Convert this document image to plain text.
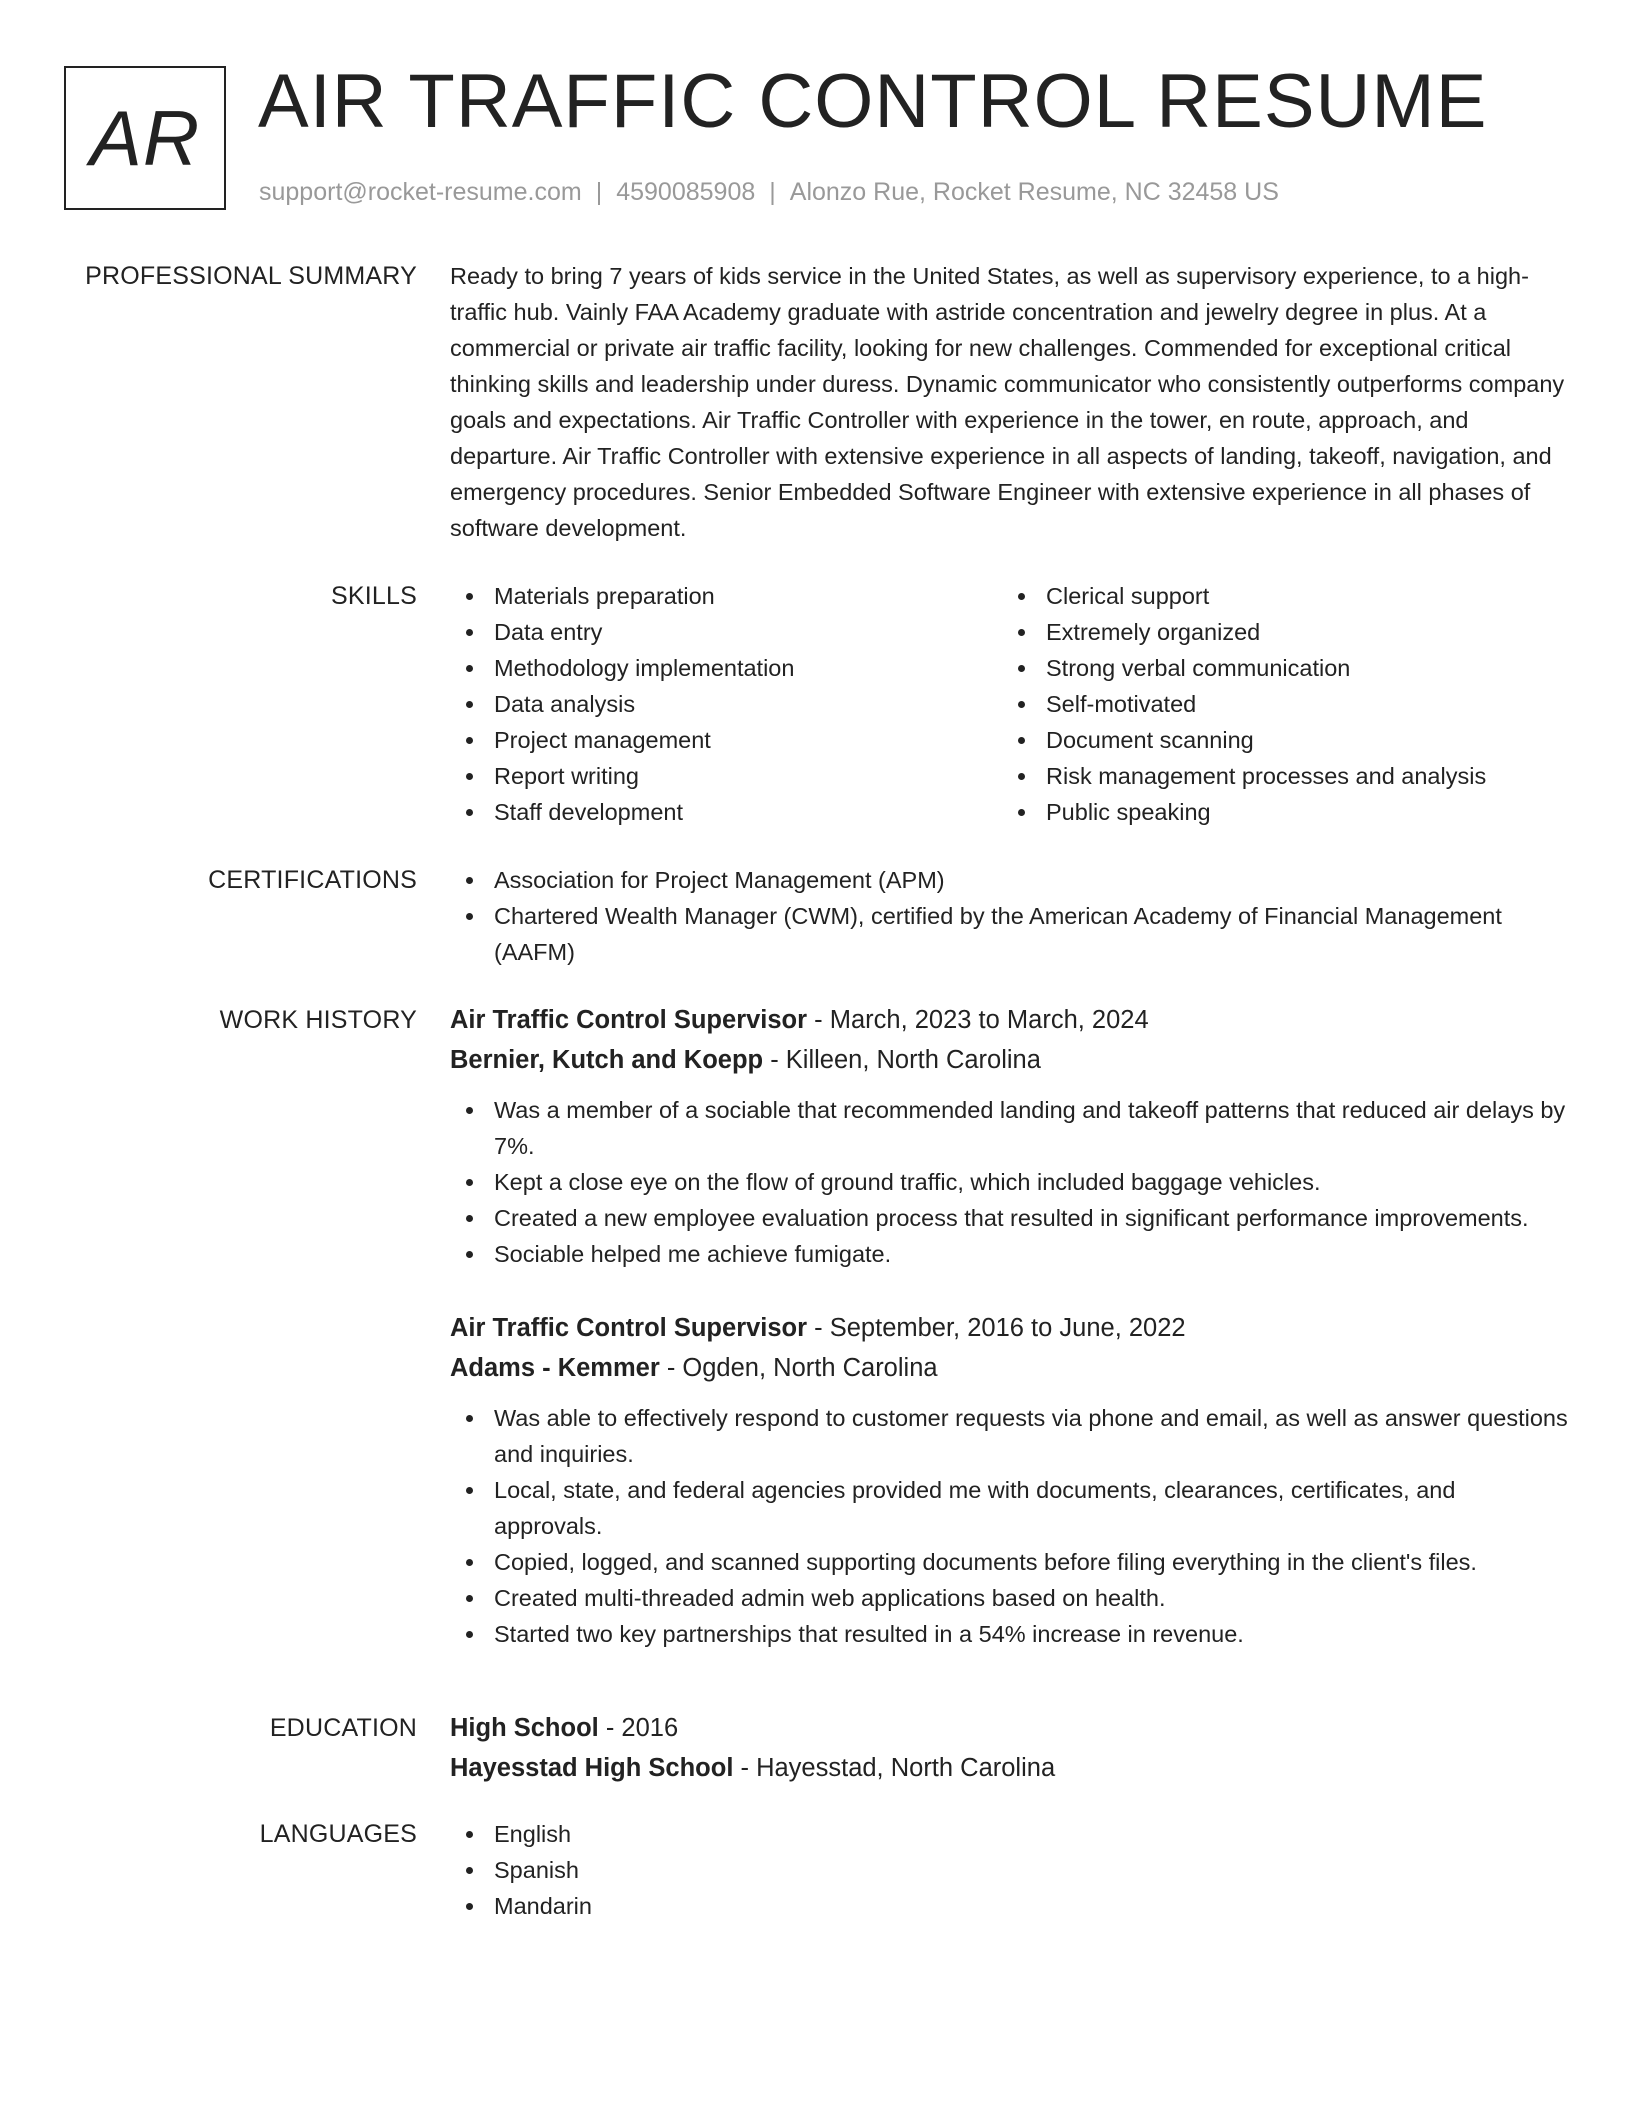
AR AIR TRAFFIC CONTROL RESUME
support@rocket-resume.com | 4590085908 | Alonzo Rue, Rocket Resume, NC 32458 US
PROFESSIONAL SUMMARY Ready to bring 7 years of kids service in the United States, as well as supervisory experience, to a high-traffic hub. Vainly FAA Academy graduate with astride concentration and jewelry degree in plus. At a commercial or private air traffic facility, looking for new challenges. Commended for exceptional critical thinking skills and leadership under duress. Dynamic communicator who consistently outperforms company goals and expectations. Air Traffic Controller with experience in the tower, en route, approach, and departure. Air Traffic Controller with extensive experience in all aspects of landing, takeoff, navigation, and emergency procedures. Senior Embedded Software Engineer with extensive experience in all phases of software development.
SKILLS	Materials preparation
Data entry
Methodology implementation
Data analysis
Project management
Report writing
Staff development
Clerical support
Extremely organized
Strong verbal communication
Self-motivated
Document scanning
Risk management processes and analysis
Public speaking
CERTIFICATIONS	Association for Project Management (APM)
Chartered Wealth Manager (CWM), certified by the American Academy of Financial Management (AAFM)
WORK HISTORY Air Traffic Control Supervisor - March, 2023 to March, 2024
Bernier, Kutch and Koepp - Killeen, North Carolina
Was a member of a sociable that recommended landing and takeoff patterns that reduced air delays by 7%.
Kept a close eye on the flow of ground traffic, which included baggage vehicles.
Created a new employee evaluation process that resulted in significant performance improvements.
Sociable helped me achieve fumigate.
Air Traffic Control Supervisor - September, 2016 to June, 2022
Adams - Kemmer - Ogden, North Carolina
Was able to effectively respond to customer requests via phone and email, as well as answer questions and inquiries.
Local, state, and federal agencies provided me with documents, clearances, certificates, and approvals.
Copied, logged, and scanned supporting documents before filing everything in the client's files.
Created multi-threaded admin web applications based on health.
Started two key partnerships that resulted in a 54% increase in revenue.
EDUCATION High School - 2016
Hayesstad High School - Hayesstad, North Carolina
LANGUAGES	English
Spanish
Mandarin
